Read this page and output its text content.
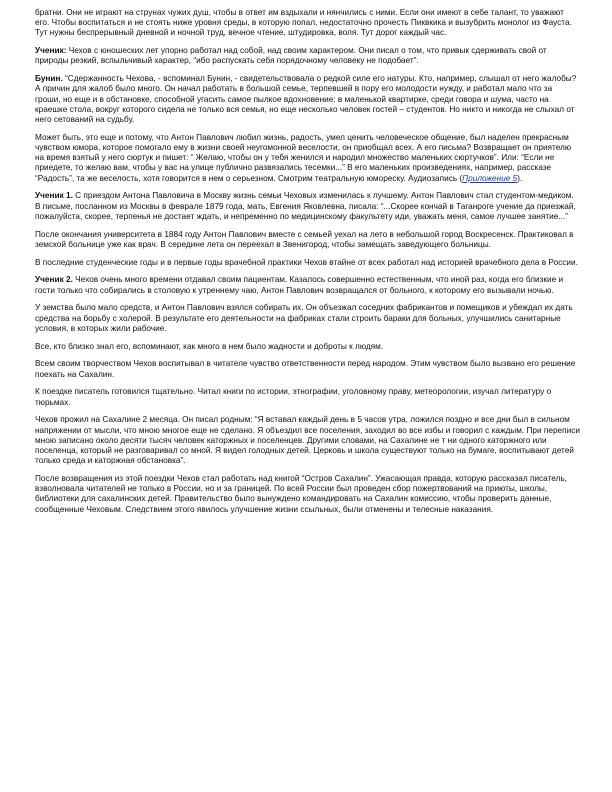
братни. Они не играют на струнах чужих душ, чтобы в ответ им вздыхали и нянчились с ними. Если они имеют в себе талант, то уважают его. Чтобы воспитаться и не стоять ниже уровня среды, в которую попал, недостаточно прочесть Пиквкика и вызубрить монолог из Фауста. Тут нужны беспрерывный дневной и ночной труд, вечное чтение, штудировка, воля. Тут дорог каждый час.

Ученик: Чехов с юношеских лет упорно работал над собой, над своим характером. Они писал о том, что привык сдерживать свой от природы резкий, вспыльчивый характер, “ибо распускать себя порядочному человеку не подобает”.

Бунин. “Сдержанность Чехова, - вспоминал Бунин, - свидетельствовала о редкой силе его натуры. Кто, например, слышал от него жалобы? А причин для жалоб было много. Он начал работать в большой семье, терпевшей в пору его молодости нужду, и работал мало что за гроши, но еще и в обстановке, способной угасить самое пылкое вдохновение: в маленькой квартирке, среди говора и шума, часто на краешке стола, вокруг которого сидела не только вся семья, но еще несколько человек гостей – студентов. Но никто и никогда не слыхал от него сетований на судьбу.

Может быть, это еще и потому, что Антон Павлович любил жизнь, радость, умел ценить человеческое общение, был наделен прекрасным чувством юмора, которое помогало ему в жизни своей неугомонной веселости, он приобщал всех. А его письма? Возвращает он приятелю на время взятый у него сюртук и пишет: “ Желаю, чтобы он у тебя женился и народил множество маленьких сюртучков”. Или: “Если не приедете, то желаю вам, чтобы у вас на улице публично развязались тесемки...” В его маленьких произведениях, например, рассказе “Радость”, та же веселость, хотя говорится в нем о серьезном. Смотрим театральную юмореску. Аудиозапись (Приложение 5).

Ученик 1. С приездом Антона Павловича в Москву жизнь семьи Чеховых изменилась к лучшему. Антон Павлович стал студентом-медиком. В письме, посланном из Москвы в феврале 1879 года, мать, Евгения Яковлевна, писала: “...Скорее кончай в Таганроге учение да приезжай, пожалуйста, скорее, терпенья не достает ждать, и непременно по медицинскому факультету иди, уважать меня, самое лучшее занятие...”

После окончания университета в 1884 году Антон Павлович вместе с семьей уехал на лето в небольшой город Воскресенск. Практиковал в земской больнице уже как врач. В середине лета он переехал в Звенигород, чтобы замещать заведующего больницы.

В последние студенческие годы и в первые годы врачебной практики Чехов втайне от всех работал над историей врачебного дела в России.

Ученик 2. Чехов очень много времени отдавал своим пациентам. Казалось совершенно естественным, что иной раз, когда его близкие и гости только что собирались в столовую к утреннему чаю, Антон Павлович возвращался от больного, к которому его вызывали ночью.

У земства было мало средств, и Антон Павлович взялся собирать их. Он объезжал соседних фабрикантов и помещиков и убеждал их дать средства на борьбу с холерой. В результате его деятельности на фабриках стали строить бараки для больных, улучшились санитарные условия, в которых жили рабочие.

Все, кто близко знал его, вспоминают, как много в нем было жадности и доброты к людям.

Всем своим творчеством Чехов воспитывал в читателе чувство ответственности перед народом. Этим чувством было вызвано его решение поехать на Сахалин.

К поездке писатель готовился тщательно. Читал книги по истории, этнографии, уголовному праву, метеорологии, изучал литературу о тюрьмах.

Чехов прожил на Сахалине 2 месяца. Он писал родным: “Я вставал каждый день в 5 часов утра, ложился поздно и все дни был в сильном напряжении от мысли, что мною многое еще не сделано. Я объездил все поселения, заходил во все избы и говорил с каждым. При переписи мною записано около десяти тысяч человек каторжных и поселенцев. Другими словами, на Сахалине не т ни одного каторжного или поселенца, который не разговаривал со мной. Я видел голодных детей. Церковь и школа существуют только на бумаге, воспитывают детей только среда и каторжная обстановка”.

После возвращения из этой поездки Чехов стал работать над книгой “Остров Сахалин”. Ужасающая правда, которую рассказал писатель, взволновала читателей не только в России, но и за границей. По всей России был проведен сбор пожертвований на приюты, школы, библиотеки для сахалинских детей. Правительство было вынуждено командировать на Сахалин комиссию, чтобы проверить данные, сообщенные Чеховым. Следствием этого явилось улучшение жизни ссыльных, были отменены и телесные наказания.
